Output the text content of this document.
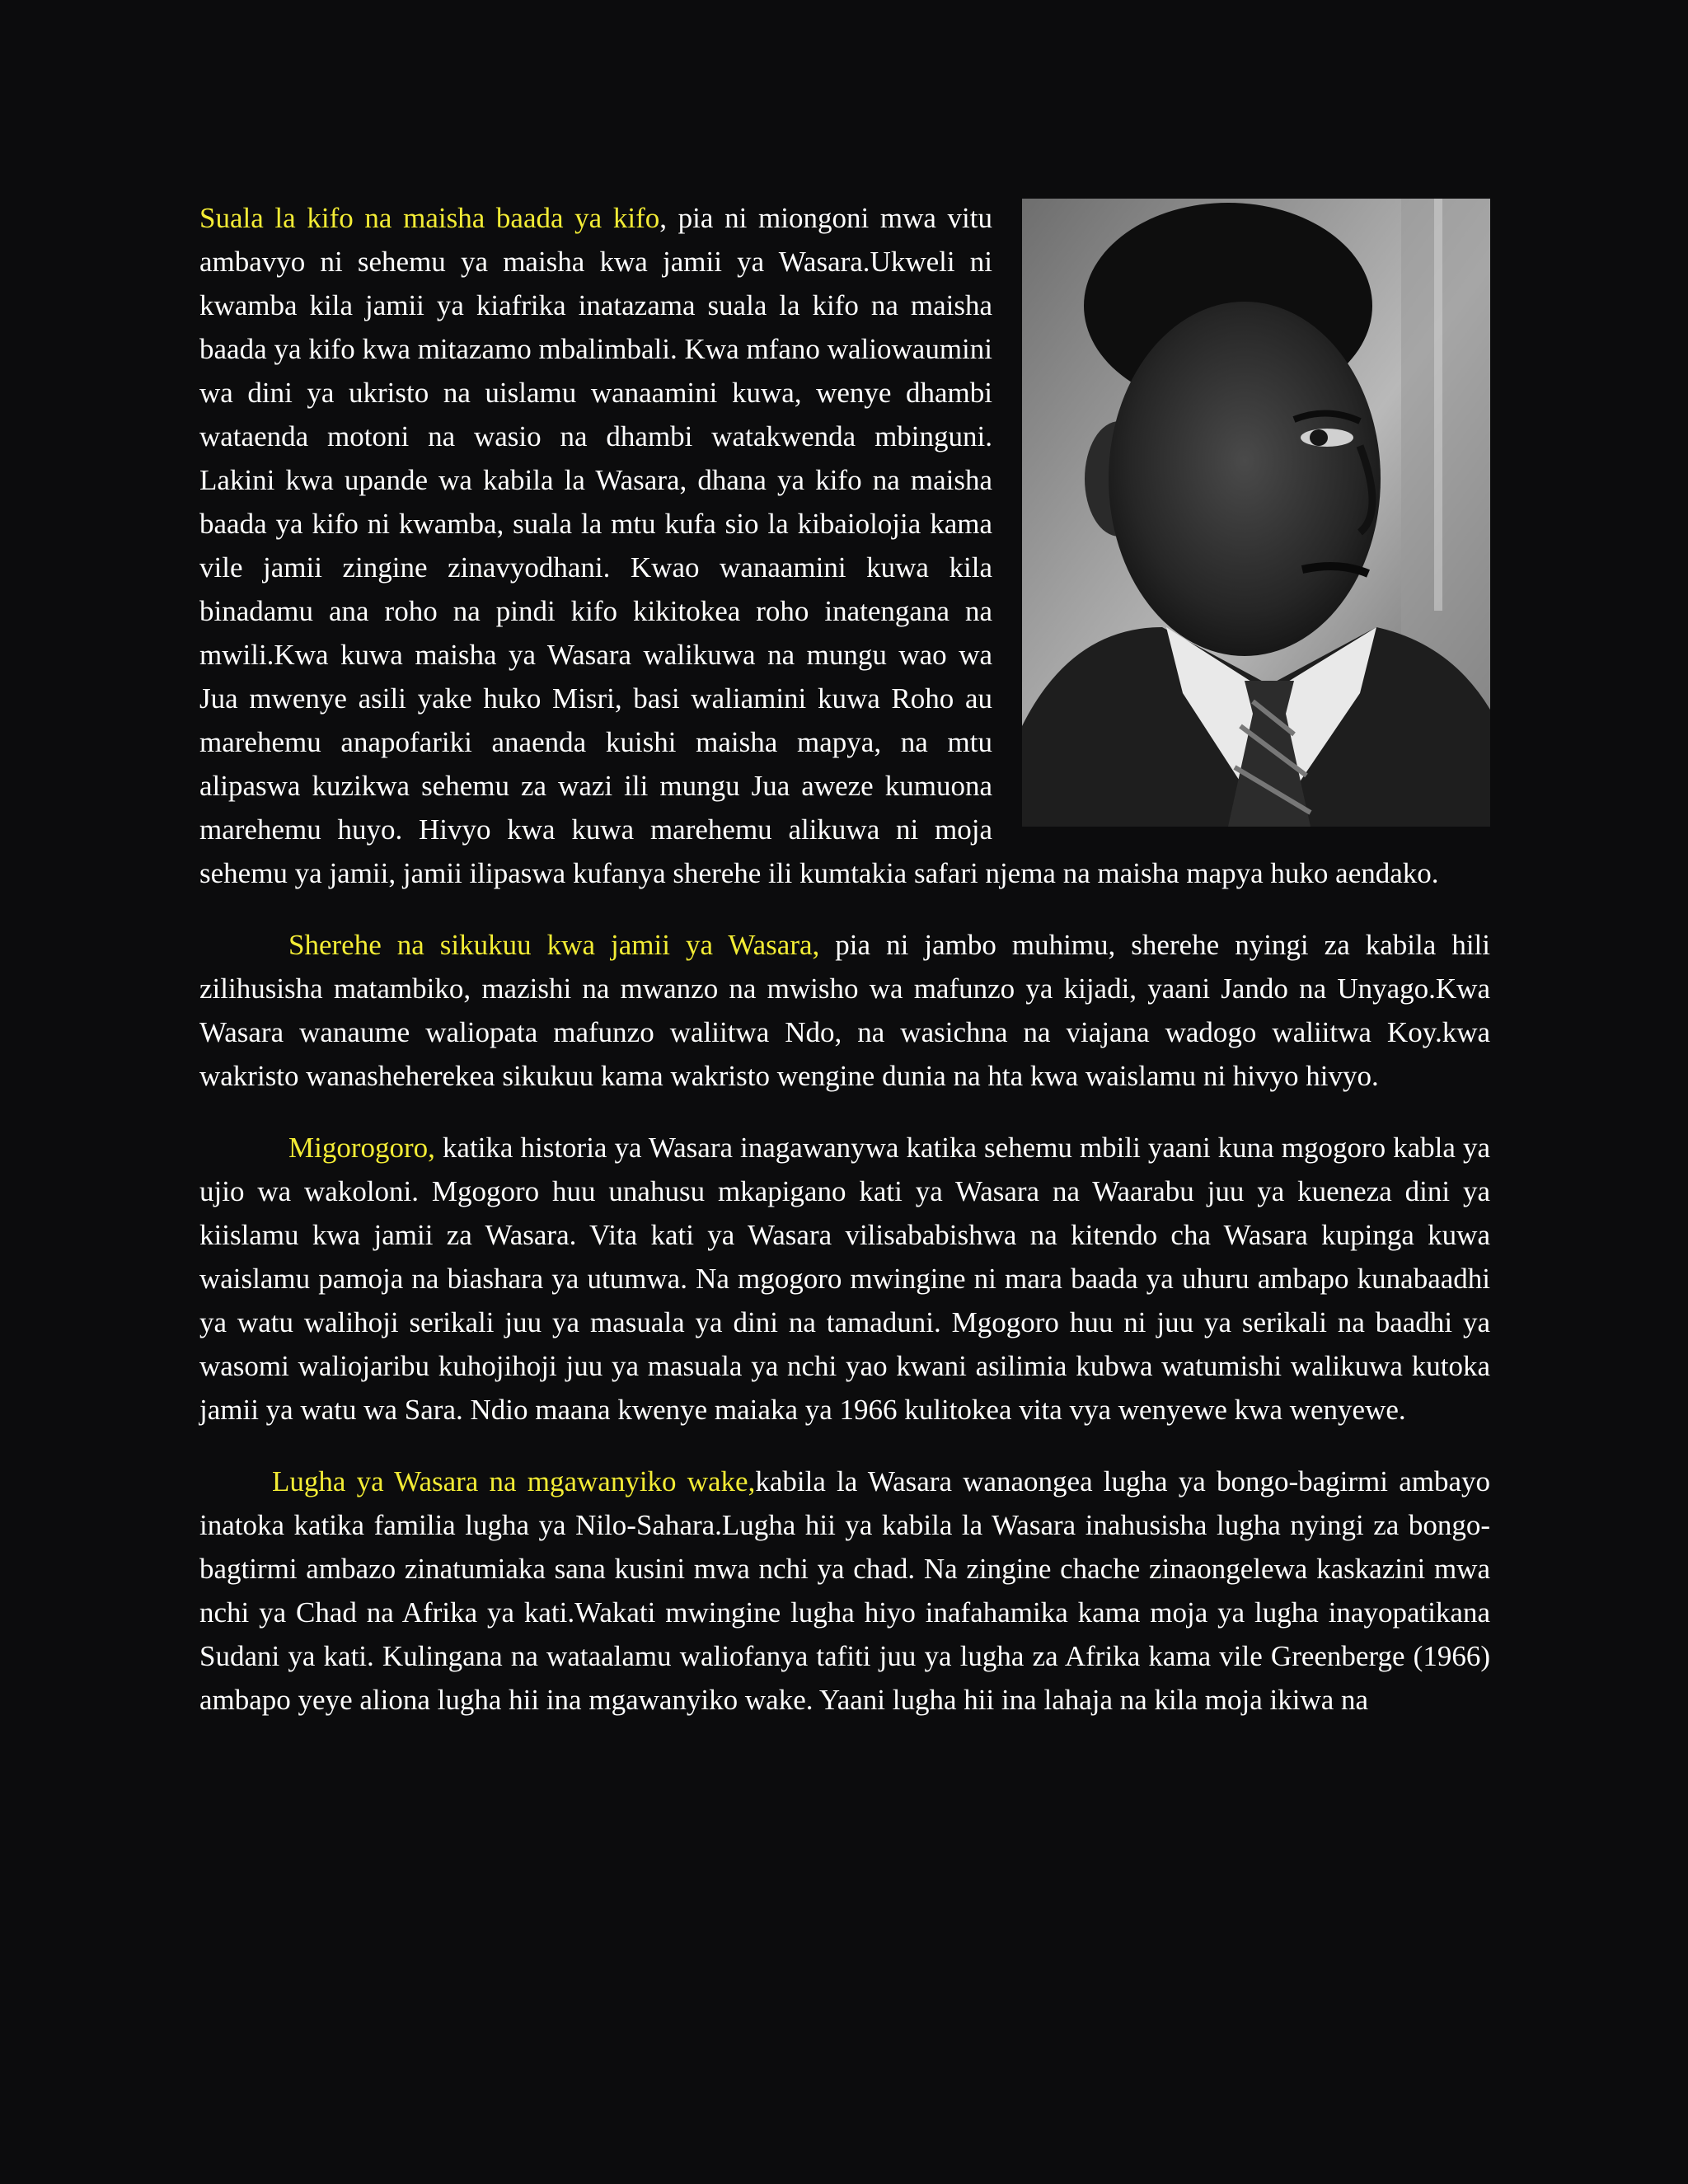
Suala la kifo na maisha baada ya kifo, pia ni miongoni mwa vitu ambavyo ni sehemu ya maisha kwa jamii ya Wasara.Ukweli ni kwamba kila jamii ya kiafrika inatazama suala la kifo na maisha baada ya kifo kwa mitazamo mbalimbali. Kwa mfano waliowaumini wa dini ya ukristo na uislamu wanaamini kuwa, wenye dhambi wataenda motoni na wasio na dhambi watakwenda mbinguni. Lakini kwa upande wa kabila la Wasara, dhana ya kifo na maisha baada ya kifo ni kwamba, suala la mtu kufa sio la kibaiolojia kama vile jamii zingine zinavyodhani. Kwao wanaamini kuwa kila binadamu ana roho na pindi kifo kikitokea roho inatengana na mwili.Kwa kuwa maisha ya Wasara walikuwa na mungu wao wa Jua mwenye asili yake huko Misri, basi waliamini kuwa Roho au marehemu anapofariki anaenda kuishi maisha mapya, na mtu alipaswa kuzikwa sehemu za wazi ili mungu Jua aweze kumuona marehemu huyo. Hivyo kwa kuwa marehemu alikuwa ni moja sehemu ya jamii, jamii ilipaswa kufanya sherehe ili kumtakia safari njema na maisha mapya huko aendako.

Sherehe na sikukuu kwa jamii ya Wasara, pia ni jambo muhimu, sherehe nyingi za kabila hili zilihusisha matambiko, mazishi na mwanzo na mwisho wa mafunzo ya kijadi, yaani Jando na Unyago.Kwa Wasara wanaume waliopata mafunzo waliitwa Ndo, na wasichna na viajana wadogo waliitwa Koy.kwa wakristo wanasheherekea sikukuu kama wakristo wengine dunia na hta kwa waislamu ni hivyo hivyo.

Migorogoro, katika historia ya Wasara inagawanywa katika sehemu mbili yaani kuna mgogoro kabla ya ujio wa wakoloni. Mgogoro huu unahusu mkapigano kati ya Wasara na Waarabu juu ya kueneza dini ya kiislamu kwa jamii za Wasara. Vita kati ya Wasara vilisababishwa na kitendo cha Wasara kupinga kuwa waislamu pamoja na biashara ya utumwa. Na mgogoro mwingine ni mara baada ya uhuru ambapo kunabaadhi ya watu walihoji serikali juu ya masuala ya dini na tamaduni. Mgogoro huu ni juu ya serikali na baadhi ya wasomi waliojaribu kuhojihoji juu ya masuala ya nchi yao kwani asilimia kubwa watumishi walikuwa kutoka jamii ya watu wa Sara. Ndio maana kwenye maiaka ya 1966 kulitokea vita vya wenyewe kwa wenyewe.

Lugha ya Wasara na mgawanyiko wake,kabila la Wasara wanaongea lugha ya bongo-bagirmi ambayo inatoka katika familia lugha ya Nilo-Sahara.Lugha hii ya kabila la Wasara inahusisha lugha nyingi za bongo-bagtirmi ambazo zinatumiaka sana kusini mwa nchi ya chad. Na zingine chache zinaongelewa kaskazini mwa nchi ya Chad na Afrika ya kati.Wakati mwingine lugha hiyo inafahamika kama moja ya lugha inayopatikana Sudani ya kati. Kulingana na wataalamu waliofanya tafiti juu ya lugha za Afrika kama vile Greenberge (1966) ambapo yeye aliona lugha hii ina mgawanyiko wake. Yaani lugha hii ina lahaja na kila moja ikiwa na
